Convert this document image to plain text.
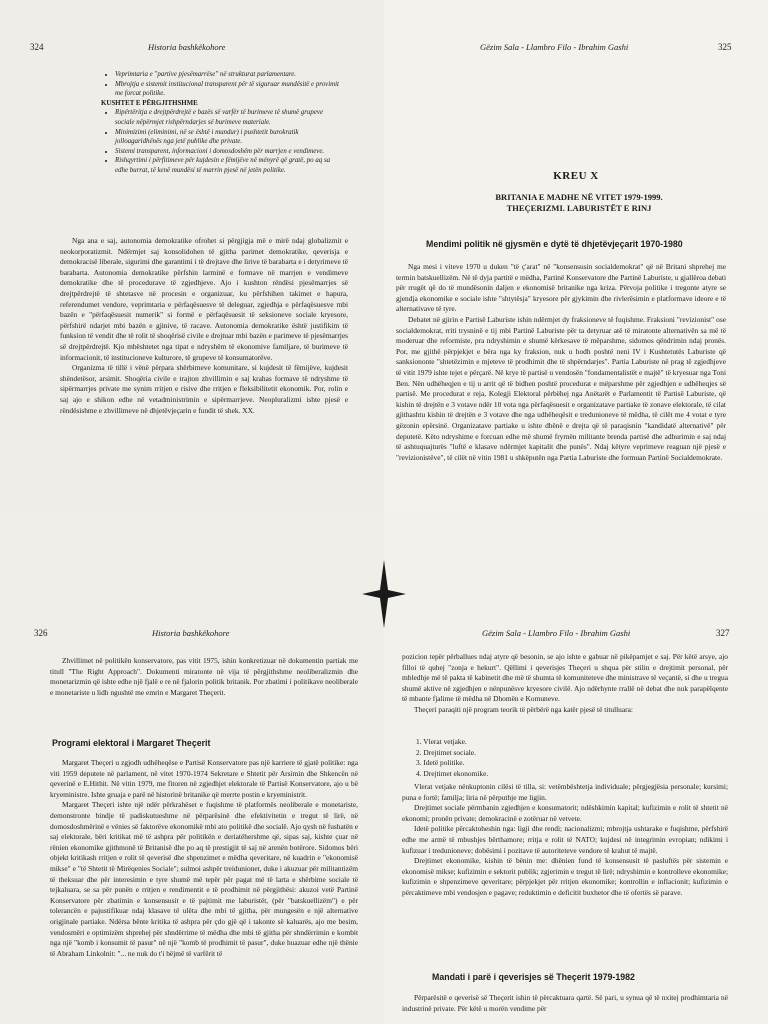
324	Historia bashkëkohore
• Veprimtaria e "partive pjesëmarrëse" në strukturat parlamentare.
• Mbrojtja e sistemit institucional transparent për të siguruar mundësitë e provimit me forcat politike.
KUSHTET E PËRGJITHSHME
• Ripërtëritja e drejtpërdrejtë e bazës së varfër të burimeve të shumë grupeve sociale nëpërmjet rishpërndarjes së burimeve materiale.
• Minimizimi (eliminimi, në se është i mundur) i pushtetit burokratik jolloagaridhënës nga jetë publike dhe private.
• Sistemi transparent, informacioni i domosdoshëm për marrjen e vendimeve.
• Rishqyrtimi i përfitimeve për kujdesin e fëmijëve në mënyrë që gratë, po aq sa edhe burrat, të kenë mundësi të marrin pjesë në jetën politike.

Nga ana e saj, autonomia demokratike ofrohet si përgjigja më e mirë ndaj globalizmit e neokorporatizmit. Ndërmjet saj konsolidohen të gjitha parimet demokratike, qeverisja e demokracisë liberale, sigurimi dhe garantimi i të drejtave dhe lirive të barabarta e i detyrimeve të barabarta. Autonomia demokratike përfshin larminë e formave në marrjen e vendimeve demokratike dhe të procedurave të zgjedhjeve. Ajo i kushton rëndësi pjesëmarrjes së drejtpërdrejtë të shtetasve në procesin e organizuar, ku përfshihen takimet e hapura, referendumet vendore, veprimtaria e përfaqësuesve të deleguar, zgjedhja e përfaqësuesve mbi bazën e "përfaqësuesit numerik" si formë e përfaqësuesit të seksioneve sociale kryesore, përfshirë ndarjet mbi bazën e gjinive, të racave. Autonomia demokratike është justifikim të funksion të vendit dhe të rolit të shoqërisë civile e drejtuar mbi bazën e parimeve të pjesëmarrjes së drejtpërdrejtë. Kjo mbështetet nga tipat e ndryshëm të ekonomive familjare, të burimeve të informacionit, të institucioneve kulturore, të grupeve të konsumatorëve.

Organizma të tillë i vënë përpara shërbimeve komunitare, si kujdesit të fëmijëve, kujdesit shëndetësor, arsimit. Shoqëria civile e trajton zhvillimin e saj krahas formave të ndryshme të sipërmarrjes private me synim rritjen e risive dhe rritjen e fleksibilitetit ekonomik. Por, rolin e saj ajo e shikon edhe në vetadministrimin e sipërmarrjeve. Neopluralizmi ishte pjesë e rëndësishme e zhvillimeve në dhjetëvjeçarin e fundit të shek. XX.

Gëzim Sala - Llambro Filo - Ibrahim Gashi	325
KREU X
BRITANIA E MADHE NË VITET 1979-1999.
THEÇERIZMI. LABURISTËT E RINJ
Mendimi politik në gjysmën e dytë të dhjetëvjeçarit 1970-1980

Nga mesi i viteve 1970 u duken "të ç'arat" në "konsensusin socialdemokrat" që në Britani shprehej me termin batskuellizëm. Në të dyja partitë e mëdha, Partinë Konservatore dhe Partinë Laburiste, u gjallëroa debati për rrugët që do të mundësonin daljen e ekonomisë britanike nga kriza. Përvoja politike i tregonte atyre se gjendja ekonomike e sociale ishte "shtytësja" kryesore për gjykimin dhe rivlerësimin e platformave ideore e të alternativave të tyre.

Debatet në gjirin e Partisë Laburiste ishin ndërmjet dy fraksioneve të fuqishme. Fraksioni "revizionist" ose socialdemokrat, rriti trysninë e tij mbi Partinë Laburiste për ta detyruar atë të miratonte alternativën sa më të moderuar dhe reformiste, pra ndryshimin e shumë kërkesave të mëparshme, sidomos qëndrimin ndaj pronës. Por, me gjithë përpjekjet e bëra nga ky fraksion, nuk u hodh poshtë neni IV i Kushtetutës Laburiste që sanksiononte "shtetëzimin e mjeteve të prodhimit dhe të shpërndarjes". Partia Laburiste në prag të zgjedhjeve të vitit 1979 ishte tejet e përçarë. Në krye të partisë u vendosën "fondamentalistët e majtë" të kryesuar nga Toni Ben. Nën udhëheqjen e tij u arrit që të bidhen poshtë procedurat e mëparshme për zgjedhjen e udhëheqjes së partisë. Me procedurat e reja, Kolegji Elektoral përbëhej nga Anëtarët e Parlamentit të Partisë Laburiste, që kishin të drejtën e 3 votave ndër 10 vota nga përfaqësuesit e organizatave partiake të zonave elektorale, të cilat gjithashtu kishin të drejtën e 3 votave dhe nga udhëheqësit e tredunioneve të mëdha, të cilët me 4 votat e tyre gëzonin epërsinë. Organizatave partiake u ishte dhënë e drejta që të paraqisnin "kandidatë alternativë" për deputetë. Këto ndryshime e forcuan edhe më shumë fryrnën militante brenda partisë dhe adhurimin e saj ndaj të ashtuquajturës "luftë e klasave ndërmjet kapitalit dhe punës". Ndaj këtyre veprimeve reaguan një pjesë e "revizionistëve", të cilët në vitin 1981 u shkëputën nga Partia Laburiste dhe formuan Partinë Socialdemokrate.

326	Historia bashkëkohore

Zhvillimet në politikën konservatore, pas vitit 1975, ishin konkretizuar në dokumentin partiak me titull "The Right Approach". Dokumenti miratonte në vija të përgjithshme neoliberalizmin dhe monetarizmin që ishte edhe një fjalë e re në fjalorin politik britanik. Por zbatimi i politikave neoliberale e monetariste u lidh ngushtë me emrin e Margaret Theçerit.

Programi elektoral i Margaret Theçerit

Margaret Theçeri u zgjodh udhëheqëse e Partisë Konservatore pas një karriere të gjatë politike: nga viti 1959 deputete në parlament, në vitet 1970-1974 Sekretare e Shtetit për Arsimin dhe Shkencën në qeverinë e E.Hithit. Në vitin 1979, me fitoren në zgjedhjet elektorale të Partisë Konservatore, ajo u bë kryeministre. Ishte gruaja e parë në historinë britanike që merrte postin e kryeministrit.

Margaret Theçeri ishte një ndër përkrahëset e fuqishme të platformës neoliberale e monetariste, demonstronte bindje të padiskutueshme në përparësinë dhe efektivitetin e tregut të lirë, në domosdoshmërinë e vënies së faktorëve ekonomikë mbi ato politikë dhe socialë. Ajo qysh në fushatën e saj elektorale, bëri kritikat më të ashpra për politikën e deriatëhershme që, sipas saj, kishte çuar në rënien ekonomike gjithmonë të Britanisë dhe po aq të prestigjit të saj në arenën botërore. Sidomos bëri objekt kritikash rritjen e rolit të qeverisë dhe shpenzimet e mëdha qeveritare, në kuadrin e "ekonomisë mikse" e "të Shtetit të Mirëqenies Sociale"; sulmoi ashpër treidunionet, duke i akuzuar për militantizëm të theksuar dhe për interesimin e tyre shumë më tepër për pagat më të larta e shërbime sociale të tejkaluara, se sa për punën e rritjen e rendimentit e të prodhimit në përgjithësi: akuzoi vetë Partinë Konservatore për zbatimin e konsensusit e të pajtimit me laburistët, (për "batskuellizëm") e për tolerancën e pajustifikuar ndaj klasave të ulëta dhe mbi të gjitha, për mungesën e një alternative origjinale partiake. Ndërsa bënte kritika të ashpra për çdo gjë që i takonte së kaluarës, ajo me besim, vendosmëri e optimizëm shprehej për shndërrime të mëdha dhe mbi të gjitha për shndërrimin e kombit nga një "komb i konsumit të pasur" në një "komb të prodhimit të pasur", duke huazuar edhe një thënie të Abraham Linkolnit: "... ne nuk do t'i bëjmë të varfërit të

Gëzim Sala - Llambro Filo - Ibrahim Gashi	327

pozicion tepër përballues ndaj atyre që besonin, se ajo ishte e gabuar në pikëpamjet e saj. Për këtë arsye, ajo filloi të quhej "zonja e hekurt". Qëllimi i qeverisjes Theçeri u shqua për stilin e drejtimit personal, për mbledhje më të pakta të kabinetit dhe më të shumta të komuniteteve dhe ministrave të veçantë, si dhe u tregua shumë aktive në zgjedhjen e nënpunësve kryesore civilë. Ajo ndërhynte rrallë në debat dhe nuk parapëlqente të mbante fjalime të mëdha në Dhomën e Komuneve.

Theçeri paraqiti një program teorik të përbërë nga katër pjesë të titulluara:

1. Vlerat vetjake.
2. Drejtimet sociale.
3. Idetë politike.
4. Drejtimet ekonomike.

Vlerat vetjake nënkuptonin cilësi të tilla, si: vetëmbështetja individuale; përgjegjësia personale; kursimi; puna e fortë; familja; liria në përputhje me ligjin.

Drejtimet sociale përmbanin zgjedhjen e konsumatorit; ndëshkimin kapital; kufizimin e rolit të shtetit në ekonomi; pronën private; demokracinë e zotëruar në vetvete.

Idetë politike përcaktoheshin nga: ligji dhe rendi; nacionalizmi; mbrojtja ushtarake e fuqishme, përfshirë edhe me armë të mbushjes bërthamore; rritja e rolit të NATO; kujdesi në integrimin evropian; ndikimi i kufizuar i tredunioneve; dobësimi i pozitave të autoriteteve vendore të krahut të majtë.

Drejtimet ekonomike, kishin të bënin me: dhënien fund të konsensusit të pasluftës për sistemin e ekonomisë mikse; kufizimin e sektorit publik; zgjerimin e tregut të lirë; ndryshimin e kontrolleve ekonomike; kufizimin e shpenzimeve qeveritare; përpjekjet për rritjen ekonomike; kontrollin e inflacionit; kufizimin e përcaktimeve mbi vendosjen e pagave; reduktimin e deficitit buxhetor dhe të ofertës së parave.

Mandati i parë i qeverisjes së Theçerit 1979-1982

Përparësitë e qeverisë së Theçerit ishin të përcaktuara qartë. Së pari, u synua që të nxitej prodhimtaria në industrinë private. Për këtë u morën vendime për
